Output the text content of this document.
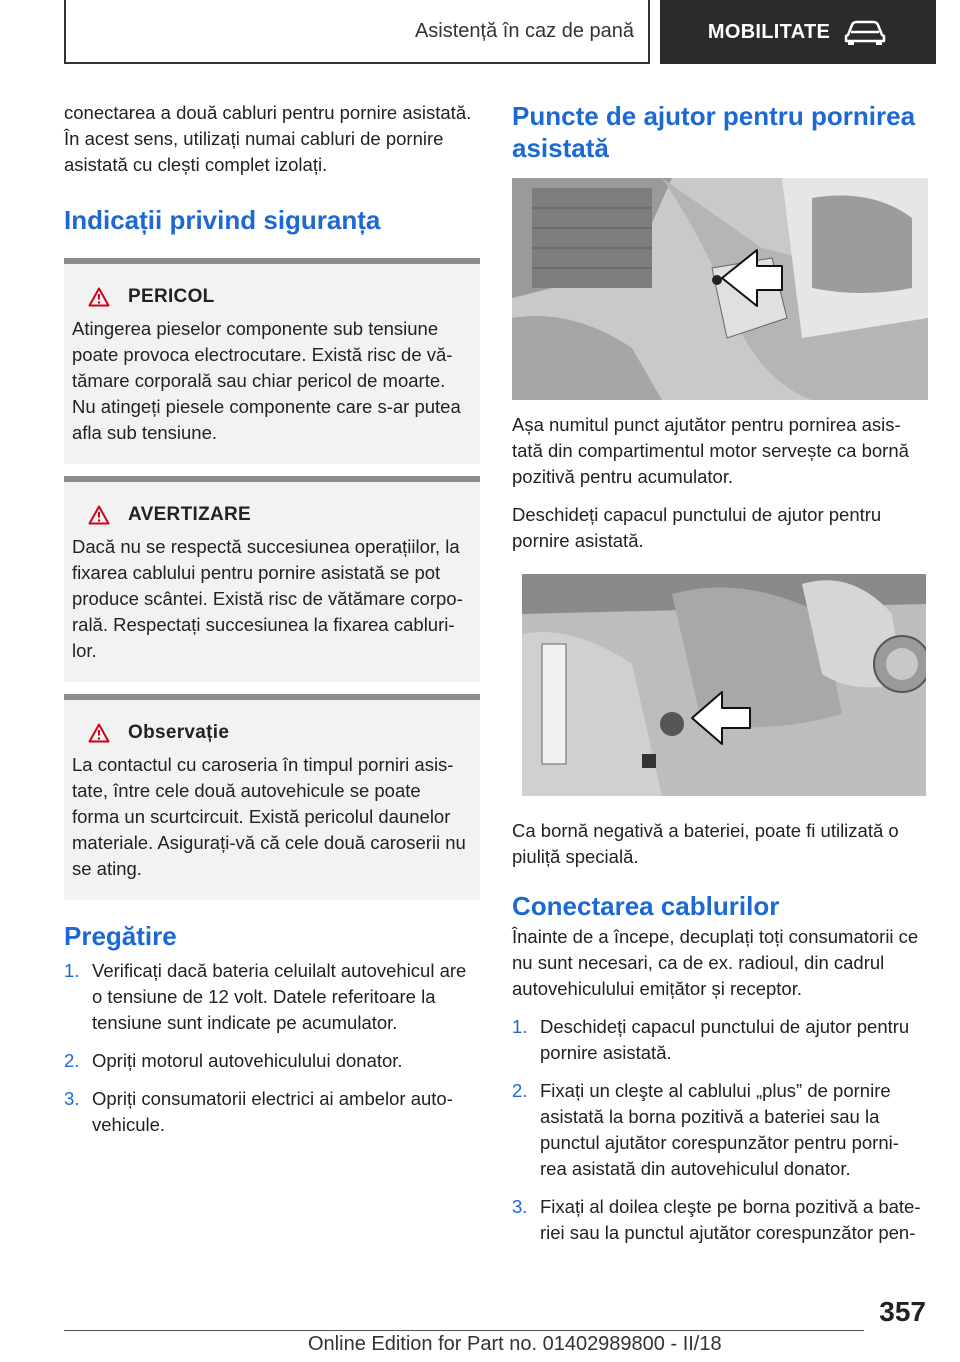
Asistență în caz de pană	MOBILITATE

conectarea a două cabluri pentru pornire asistată. În acest sens, utilizați numai cabluri de pornire asistată cu clești complet izolați.

Indicații privind siguranța
PERICOL

Atingerea pieselor componente sub tensiune poate provoca electrocutare. Există risc de vă- tămare corporală sau chiar pericol de moarte. Nu atingeți piesele componente care s-ar putea afla sub tensiune.

AVERTIZARE

Dacă nu se respectă succesiunea operațiilor, la fixarea cablului pentru pornire asistată se pot produce scântei. Există risc de vătămare corpo- rală. Respectați succesiunea la fixarea cabluri- lor.

Observație

La contactul cu caroseria în timpul porniri asis- tate, între cele două autovehicule se poate forma un scurtcircuit. Există pericolul daunelor materiale. Asigurați-vă că cele două caroserii nu se ating.

Pregătire
1. Verificați dacă bateria celuilalt autovehicul are o tensiune de 12 volt. Datele referitoare la tensiune sunt indicate pe acumulator.
2. Opriți motorul autovehiculului donator.
3. Opriți consumatorii electrici ai ambelor auto- vehicule.
Puncte de ajutor pentru pornirea asistată

Așa numitul punct ajutător pentru pornirea asis- tată din compartimentul motor servește ca bornă pozitivă pentru acumulator.

Deschideți capacul punctului de ajutor pentru pornire asistată.

Ca bornă negativă a bateriei, poate fi utilizată o piuliță specială.

Conectarea cablurilor

Înainte de a începe, decuplați toți consumatorii ce nu sunt necesari, ca de ex. radioul, din cadrul autovehiculului emițător și receptor.

1. Deschideți capacul punctului de ajutor pentru pornire asistată.
2. Fixați un cleşte al cablului „plus” de pornire asistată la borna pozitivă a bateriei sau la punctul ajutător corespunzător pentru porni- rea asistată din autovehiculul donator.
3. Fixați al doilea cleşte pe borna pozitivă a bate- riei sau la punctul ajutător corespunzător pen-
357
Online Edition for Part no. 01402989800 - II/18
